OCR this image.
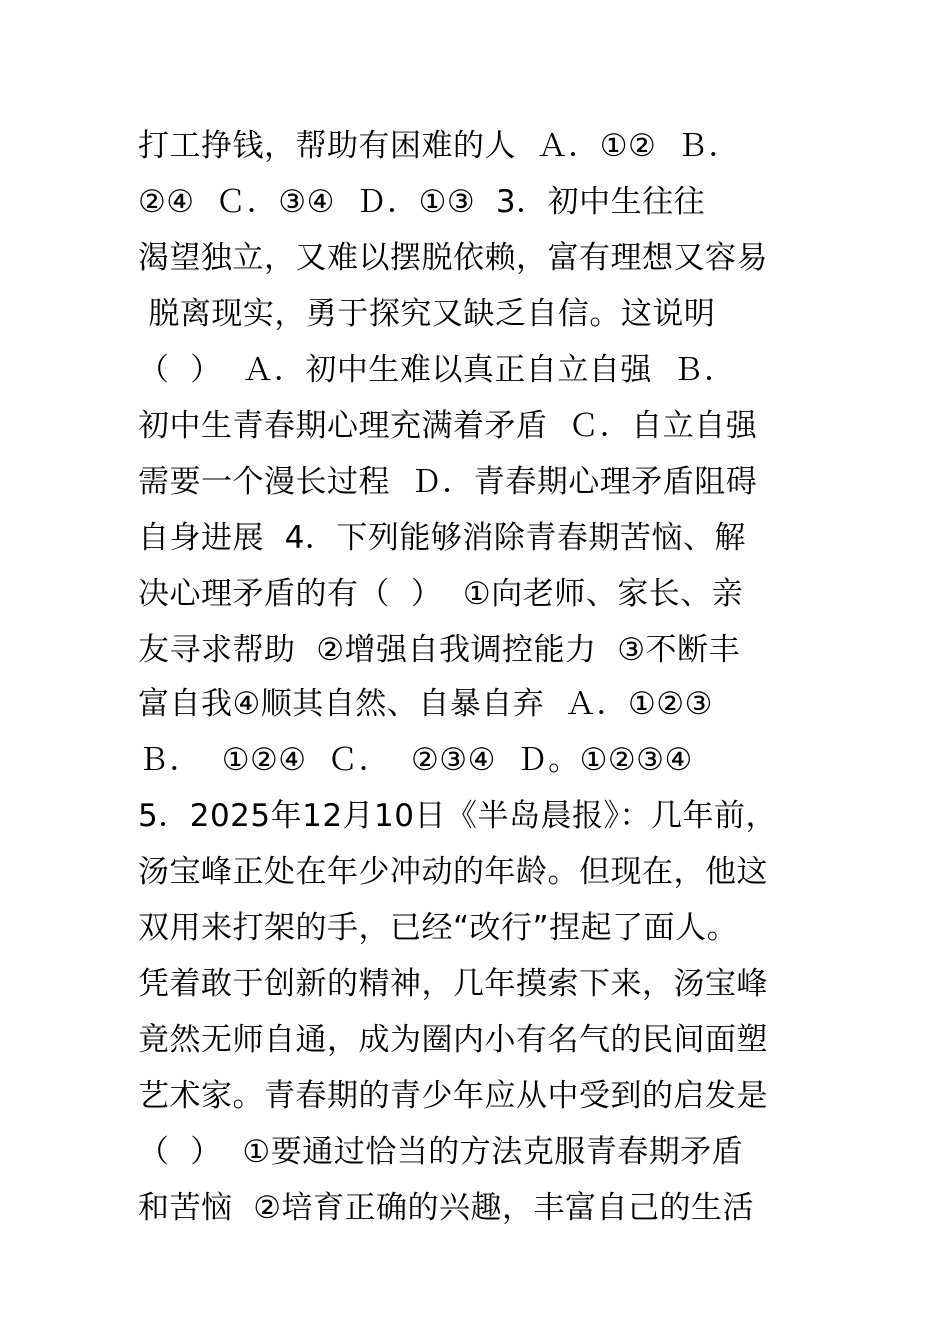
打工挣钱，帮助有困难的人  Ａ．①②  Ｂ．
②④  Ｃ．③④  Ｄ．①③  3．初中生往往
渴望独立，又难以摆脱依赖，富有理想又容易
脱离现实，勇于探究又缺乏自信。这说明
（  ）  Ａ．初中生难以真正自立自强  Ｂ．
初中生青春期心理充满着矛盾  Ｃ．自立自强
需要一个漫长过程  Ｄ．青春期心理矛盾阻碍
自身进展  4．下列能够消除青春期苦恼、解
决心理矛盾的有（  ）  ①向老师、家长、亲
友寻求帮助  ②增强自我调控能力  ③不断丰
富自我④顺其自然、自暴自弃  Ａ．①②③
Ｂ．  ①②④  Ｃ．  ②③④  Ｄ。①②③④
5．2025年12月10日《半岛晨报》：几年前，
汤宝峰正处在年少冲动的年龄。但现在，他这
双用来打架的手，已经“改行”捏起了面人。
凭着敢于创新的精神，几年摸索下来，汤宝峰
竟然无师自通，成为圈内小有名气的民间面塑
艺术家。青春期的青少年应从中受到的启发是
（  ）  ①要通过恰当的方法克服青春期矛盾
和苦恼  ②培育正确的兴趣，丰富自己的生活
